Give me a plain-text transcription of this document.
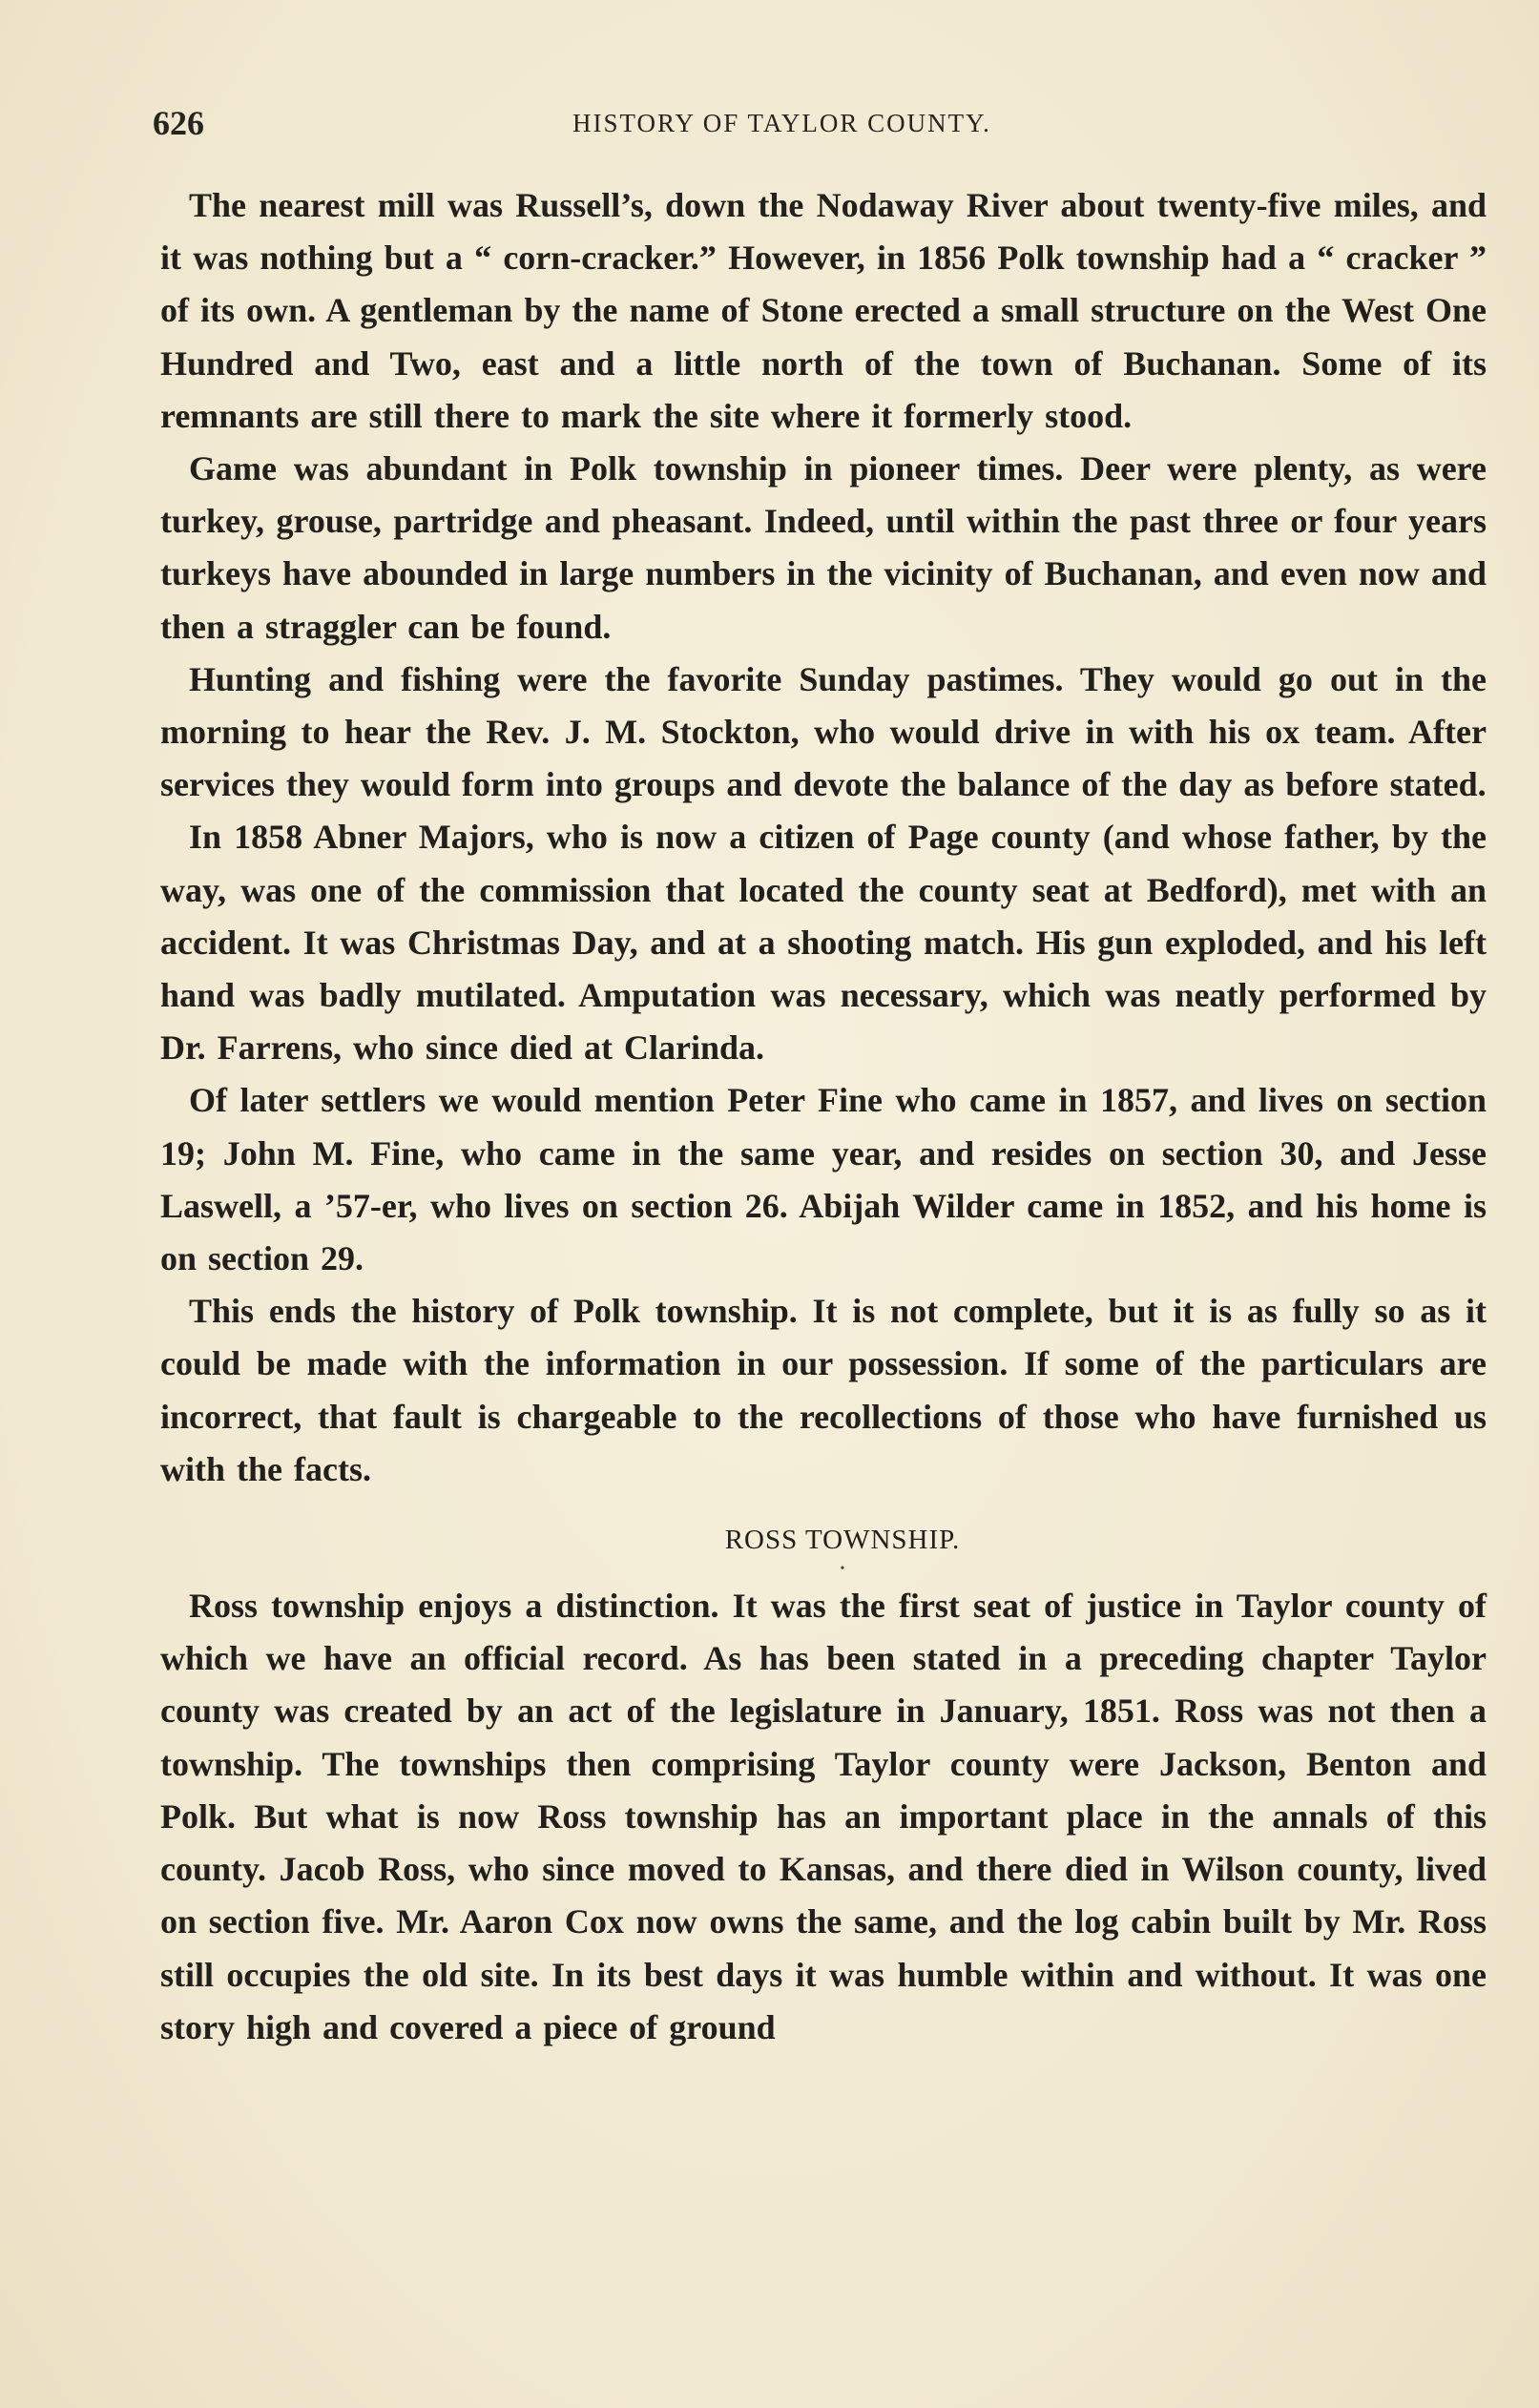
626	HISTORY OF TAYLOR COUNTY.

The nearest mill was Russell’s, down the Nodaway River about twenty-five miles, and it was nothing but a “ corn-cracker.” However, in 1856 Polk township had a “ cracker ” of its own. A gentleman by the name of Stone erected a small structure on the West One Hundred and Two, east and a little north of the town of Buchanan. Some of its remnants are still there to mark the site where it formerly stood.

Game was abundant in Polk township in pioneer times. Deer were plenty, as were turkey, grouse, partridge and pheasant. Indeed, until within the past three or four years turkeys have abounded in large numbers in the vicinity of Buchanan, and even now and then a straggler can be found.

Hunting and fishing were the favorite Sunday pastimes. They would go out in the morning to hear the Rev. J. M. Stockton, who would drive in with his ox team. After services they would form into groups and devote the balance of the day as before stated.

In 1858 Abner Majors, who is now a citizen of Page county (and whose father, by the way, was one of the commission that located the county seat at Bedford), met with an accident. It was Christmas Day, and at a shooting match. His gun exploded, and his left hand was badly mutilated. Amputation was necessary, which was neatly performed by Dr. Farrens, who since died at Clarinda.

Of later settlers we would mention Peter Fine who came in 1857, and lives on section 19; John M. Fine, who came in the same year, and resides on section 30, and Jesse Laswell, a ’57-er, who lives on section 26. Abijah Wilder came in 1852, and his home is on section 29.

This ends the history of Polk township. It is not complete, but it is as fully so as it could be made with the information in our possession. If some of the particulars are incorrect, that fault is chargeable to the recollections of those who have furnished us with the facts.

ROSS TOWNSHIP.
•

Ross township enjoys a distinction. It was the first seat of justice in Taylor county of which we have an official record. As has been stated in a preceding chapter Taylor county was created by an act of the legislature in January, 1851. Ross was not then a township. The townships then comprising Taylor county were Jackson, Benton and Polk. But what is now Ross township has an important place in the annals of this county. Jacob Ross, who since moved to Kansas, and there died in Wilson county, lived on section five. Mr. Aaron Cox now owns the same, and the log cabin built by Mr. Ross still occupies the old site. In its best days it was humble within and without. It was one story high and covered a piece of ground
